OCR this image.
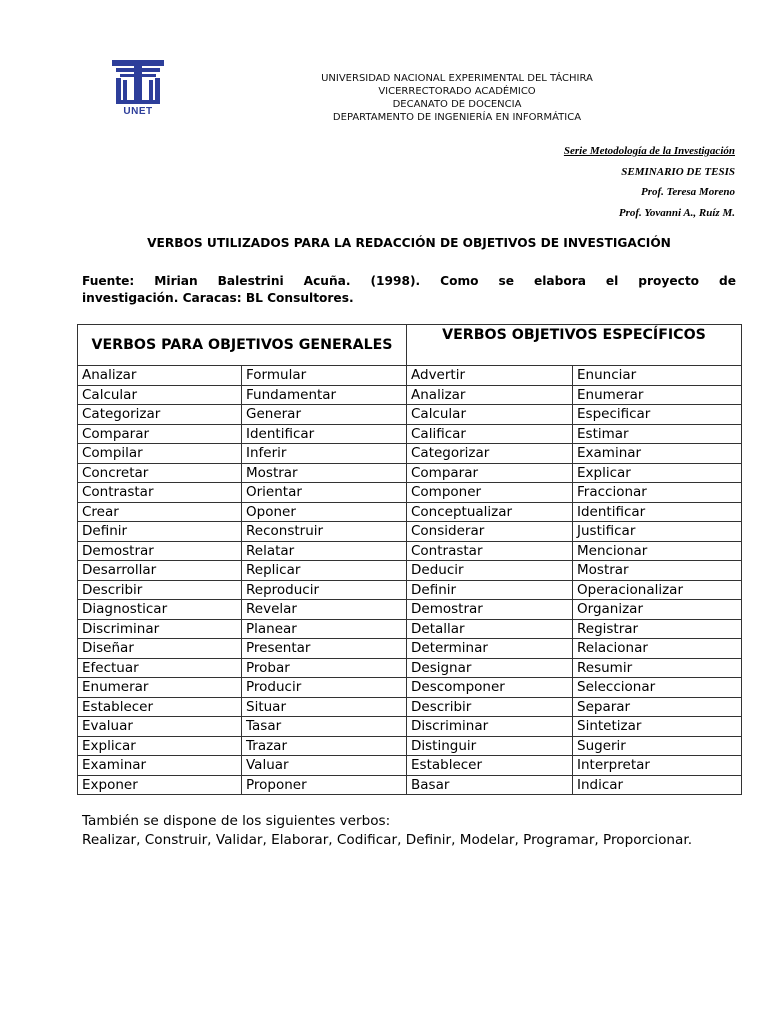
UNET
UNIVERSIDAD NACIONAL EXPERIMENTAL DEL TÁCHIRA
VICERRECTORADO ACADÉMICO
DECANATO DE DOCENCIA
DEPARTAMENTO DE INGENIERÍA EN INFORMÁTICA
Serie Metodología de la Investigación
SEMINARIO DE TESIS
Prof. Teresa Moreno
Prof. Yovanni A., Ruíz M.
VERBOS UTILIZADOS PARA LA REDACCIÓN DE OBJETIVOS DE INVESTIGACIÓN
Fuente: Mirian Balestrini Acuña. (1998). Como se elabora el proyecto de
investigación. Caracas: BL Consultores.
VERBOS PARA OBJETIVOS GENERALES		VERBOS OBJETIVOS ESPECÍFICOS	
Analizar	Formular	Advertir	Enunciar
Calcular	Fundamentar	Analizar	Enumerar
Categorizar	Generar	Calcular	Especificar
Comparar	Identificar	Calificar	Estimar
Compilar	Inferir	Categorizar	Examinar
Concretar	Mostrar	Comparar	Explicar
Contrastar	Orientar	Componer	Fraccionar
Crear	Oponer	Conceptualizar	Identificar
Definir	Reconstruir	Considerar	Justificar
Demostrar	Relatar	Contrastar	Mencionar
Desarrollar	Replicar	Deducir	Mostrar
Describir	Reproducir	Definir	Operacionalizar
Diagnosticar	Revelar	Demostrar	Organizar
Discriminar	Planear	Detallar	Registrar
Diseñar	Presentar	Determinar	Relacionar
Efectuar	Probar	Designar	Resumir
Enumerar	Producir	Descomponer	Seleccionar
Establecer	Situar	Describir	Separar
Evaluar	Tasar	Discriminar	Sintetizar
Explicar	Trazar	Distinguir	Sugerir
Examinar	Valuar	Establecer	Interpretar
Exponer	Proponer	Basar	Indicar
También se dispone de los siguientes verbos:
Realizar, Construir, Validar, Elaborar, Codificar, Definir, Modelar, Programar, Proporcionar.
